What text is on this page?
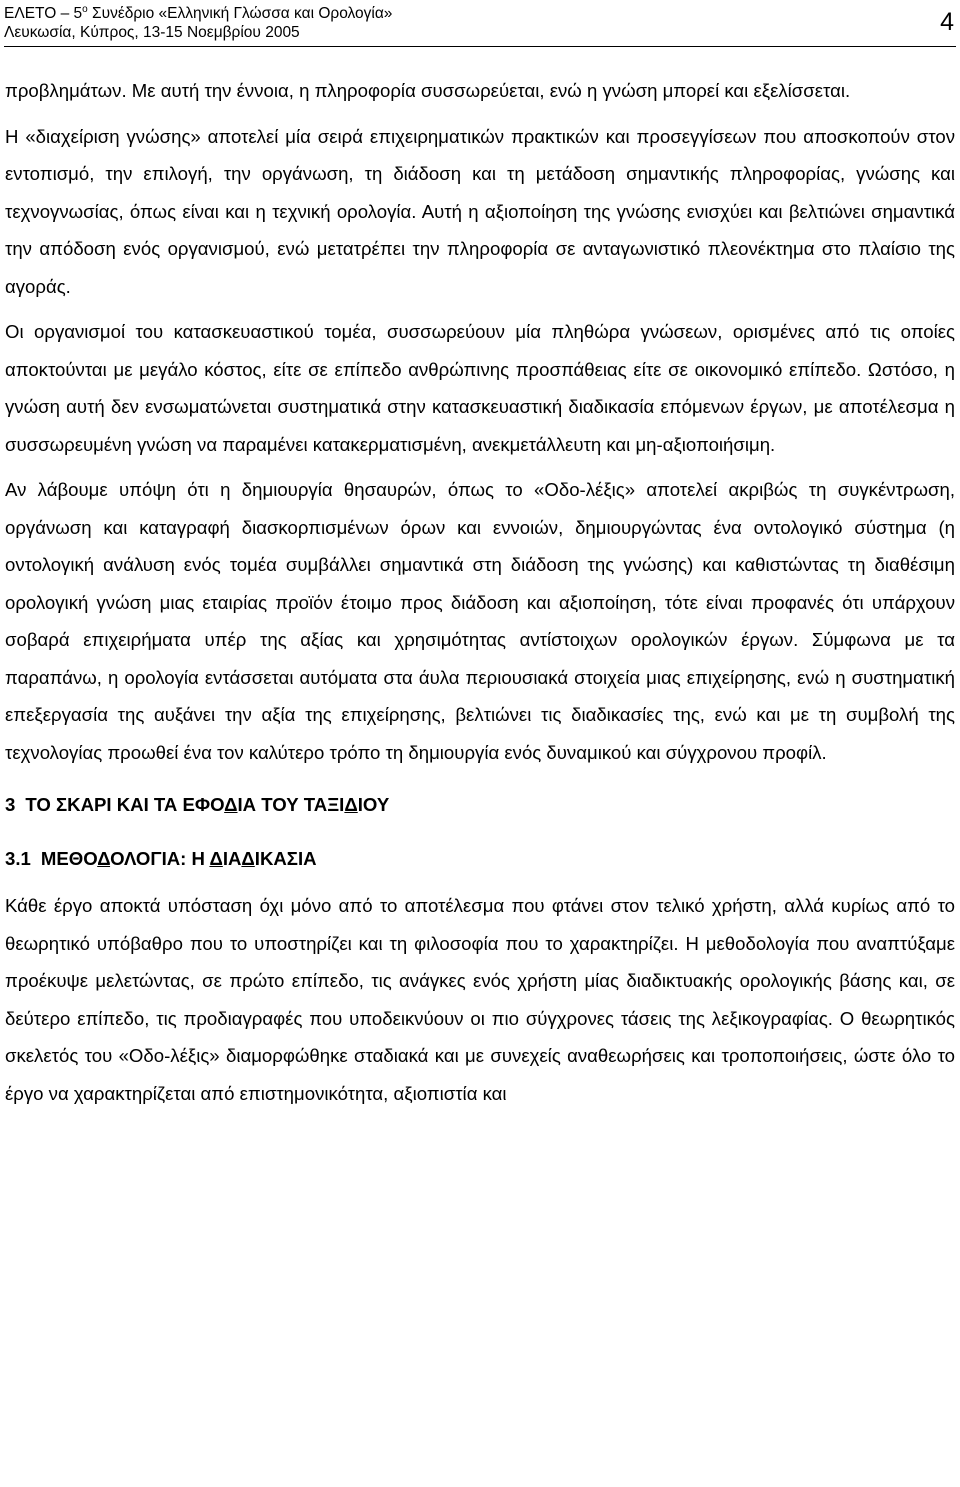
ΕΛΕΤΟ – $5^o$ Συνέδριο «Ελληνική Γλώσσα και Ορολογία»
Λευκωσία, Κύπρος, 13-15 Νοεμβρίου 2005	4

προβλημάτων. Με αυτή την έννοια, η πληροφορία συσσωρεύεται, ενώ η γνώση μπορεί και εξελίσσεται.

Η «διαχείριση γνώσης» αποτελεί μία σειρά επιχειρηματικών πρακτικών και προσεγγίσεων που αποσκοπούν στον εντοπισμό, την επιλογή, την οργάνωση, τη διάδοση και τη μετάδοση σημαντικής πληροφορίας, γνώσης και τεχνογνωσίας, όπως είναι και η τεχνική ορολογία. Αυτή η αξιοποίηση της γνώσης ενισχύει και βελτιώνει σημαντικά την απόδοση ενός οργανισμού, ενώ μετατρέπει την πληροφορία σε ανταγωνιστικό πλεονέκτημα στο πλαίσιο της αγοράς.

Οι οργανισμοί του κατασκευαστικού τομέα, συσσωρεύουν μία πληθώρα γνώσεων, ορισμένες από τις οποίες αποκτούνται με μεγάλο κόστος, είτε σε επίπεδο ανθρώπινης προσπάθειας είτε σε οικονομικό επίπεδο. Ωστόσο, η γνώση αυτή δεν ενσωματώνεται συστηματικά στην κατασκευαστική διαδικασία επόμενων έργων, με αποτέλεσμα η συσσωρευμένη γνώση να παραμένει κατακερματισμένη, ανεκμετάλλευτη και μη-αξιοποιήσιμη.

Αν λάβουμε υπόψη ότι η δημιουργία θησαυρών, όπως το «Οδο-λέξις» αποτελεί ακριβώς τη συγκέντρωση, οργάνωση και καταγραφή διασκορπισμένων όρων και εννοιών, δημιουργώντας ένα οντολογικό σύστημα (η οντολογική ανάλυση ενός τομέα συμβάλλει σημαντικά στη διάδοση της γνώσης) και καθιστώντας τη διαθέσιμη ορολογική γνώση μιας εταιρίας προϊόν έτοιμο προς διάδοση και αξιοποίηση, τότε είναι προφανές ότι υπάρχουν σοβαρά επιχειρήματα υπέρ της αξίας και χρησιμότητας αντίστοιχων ορολογικών έργων. Σύμφωνα με τα παραπάνω, η ορολογία εντάσσεται αυτόματα στα άυλα περιουσιακά στοιχεία μιας επιχείρησης, ενώ η συστηματική επεξεργασία της αυξάνει την αξία της επιχείρησης, βελτιώνει τις διαδικασίες της, ενώ και με τη συμβολή της τεχνολογίας προωθεί ένα τον καλύτερο τρόπο τη δημιουργία ενός δυναμικού και σύγχρονου προφίλ.

3 ΤΟ ΣΚΑΡΙ ΚΑΙ ΤΑ ΕΦΟΔΙΑ ΤΟΥ ΤΑΞΙΔΙΟΥ
3.1 ΜΕΘΟΔΟΛΟΓΙΑ: Η ΔΙΑΔΙΚΑΣΙΑ

Κάθε έργο αποκτά υπόσταση όχι μόνο από το αποτέλεσμα που φτάνει στον τελικό χρήστη, αλλά κυρίως από το θεωρητικό υπόβαθρο που το υποστηρίζει και τη φιλοσοφία που το χαρακτηρίζει. Η μεθοδολογία που αναπτύξαμε προέκυψε μελετώντας, σε πρώτο επίπεδο, τις ανάγκες ενός χρήστη μίας διαδικτυακής ορολογικής βάσης και, σε δεύτερο επίπεδο, τις προδιαγραφές που υποδεικνύουν οι πιο σύγχρονες τάσεις της λεξικογραφίας. Ο θεωρητικός σκελετός του «Οδο-λέξις» διαμορφώθηκε σταδιακά και με συνεχείς αναθεωρήσεις και τροποποιήσεις, ώστε όλο το έργο να χαρακτηρίζεται από επιστημονικότητα, αξιοπιστία και
